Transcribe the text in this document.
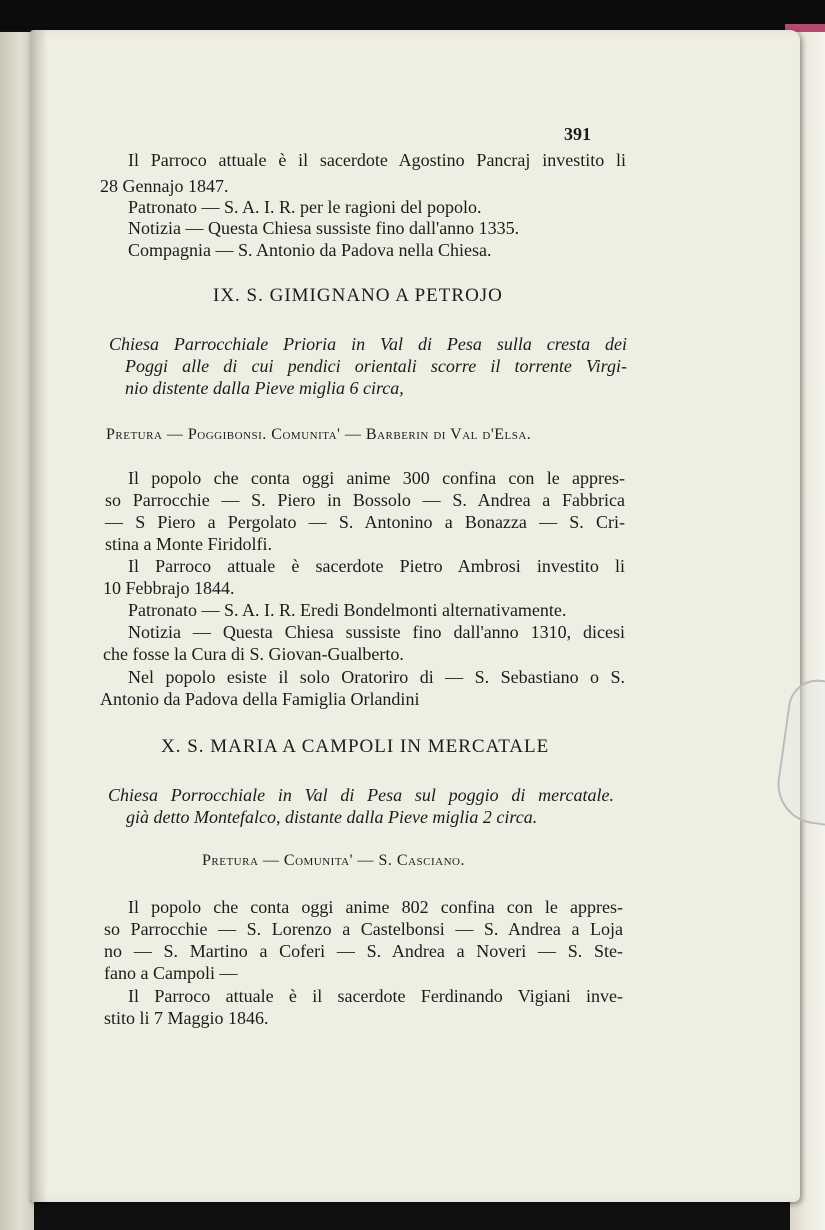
391
Il Parroco attuale è il sacerdote Agostino Pancraj investito li
28 Gennajo 1847.
Patronato — S. A. I. R. per le ragioni del popolo.
Notizia — Questa Chiesa sussiste fino dall'anno 1335.
Compagnia — S. Antonio da Padova nella Chiesa.
IX. S. GIMIGNANO A PETROJO
Chiesa Parrocchiale Prioria in Val di Pesa sulla cresta dei
Poggi alle di cui pendici orientali scorre il torrente Virgi-
nio distente dalla Pieve miglia 6 circa,
Pretura — Poggibonsi. Comunita' — Barberin di Val d'Elsa.
Il popolo che conta oggi anime 300 confina con le appres-
so Parrocchie — S. Piero in Bossolo — S. Andrea a Fabbrica
— S Piero a Pergolato — S. Antonino a Bonazza — S. Cri-
stina a Monte Firidolfi.
Il Parroco attuale è sacerdote Pietro Ambrosi investito li
10 Febbrajo 1844.
Patronato — S. A. I. R. Eredi Bondelmonti alternativamente.
Notizia — Questa Chiesa sussiste fino dall'anno 1310, dicesi
che fosse la Cura di S. Giovan-Gualberto.
Nel popolo esiste il solo Oratoriro di — S. Sebastiano o S.
Antonio da Padova della Famiglia Orlandini
X. S. MARIA A CAMPOLI IN MERCATALE
Chiesa Porrocchiale in Val di Pesa sul poggio di mercatale.
già detto Montefalco, distante dalla Pieve miglia 2 circa.
Pretura — Comunita' — S. Casciano.
Il popolo che conta oggi anime 802 confina con le appres-
so Parrocchie — S. Lorenzo a Castelbonsi — S. Andrea a Loja
no — S. Martino a Coferi — S. Andrea a Noveri — S. Ste-
fano a Campoli —
Il Parroco attuale è il sacerdote Ferdinando Vigiani inve-
stito li 7 Maggio 1846.
